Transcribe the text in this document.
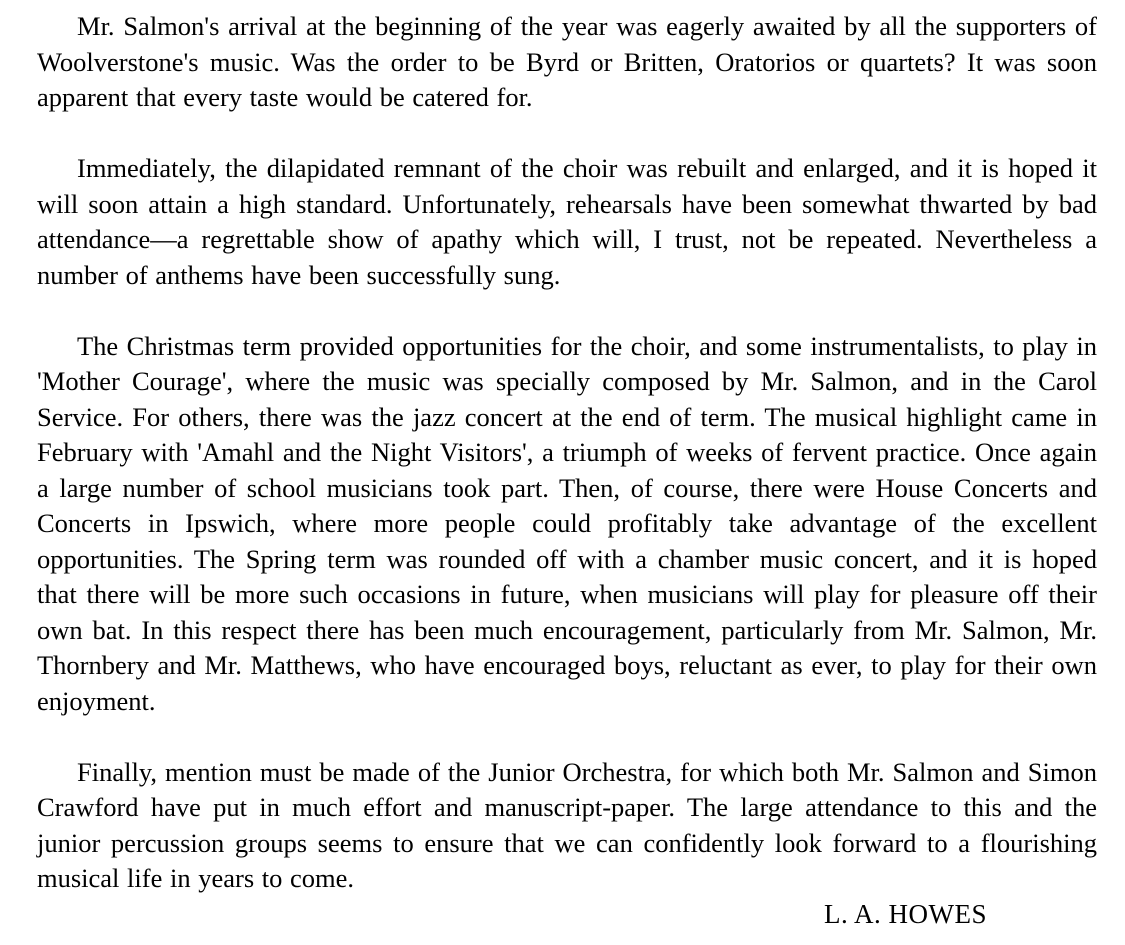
Mr. Salmon's arrival at the beginning of the year was eagerly awaited by all the supporters of Woolverstone's music. Was the order to be Byrd or Britten, Oratorios or quartets? It was soon apparent that every taste would be catered for.

Immediately, the dilapidated remnant of the choir was rebuilt and enlarged, and it is hoped it will soon attain a high standard. Unfortunately, rehearsals have been somewhat thwarted by bad attendance—a regrettable show of apathy which will, I trust, not be repeated. Nevertheless a number of anthems have been successfully sung.

The Christmas term provided opportunities for the choir, and some instrumentalists, to play in 'Mother Courage', where the music was specially composed by Mr. Salmon, and in the Carol Service. For others, there was the jazz concert at the end of term. The musical highlight came in February with 'Amahl and the Night Visitors', a triumph of weeks of fervent practice. Once again a large number of school musicians took part. Then, of course, there were House Concerts and Concerts in Ipswich, where more people could profitably take advantage of the excellent opportunities. The Spring term was rounded off with a chamber music concert, and it is hoped that there will be more such occasions in future, when musicians will play for pleasure off their own bat. In this respect there has been much encouragement, particularly from Mr. Salmon, Mr. Thornbery and Mr. Matthews, who have encouraged boys, reluctant as ever, to play for their own enjoyment.

Finally, mention must be made of the Junior Orchestra, for which both Mr. Salmon and Simon Crawford have put in much effort and manuscript-paper. The large attendance to this and the junior percussion groups seems to ensure that we can confidently look forward to a flourishing musical life in years to come.

L. A. HOWES
